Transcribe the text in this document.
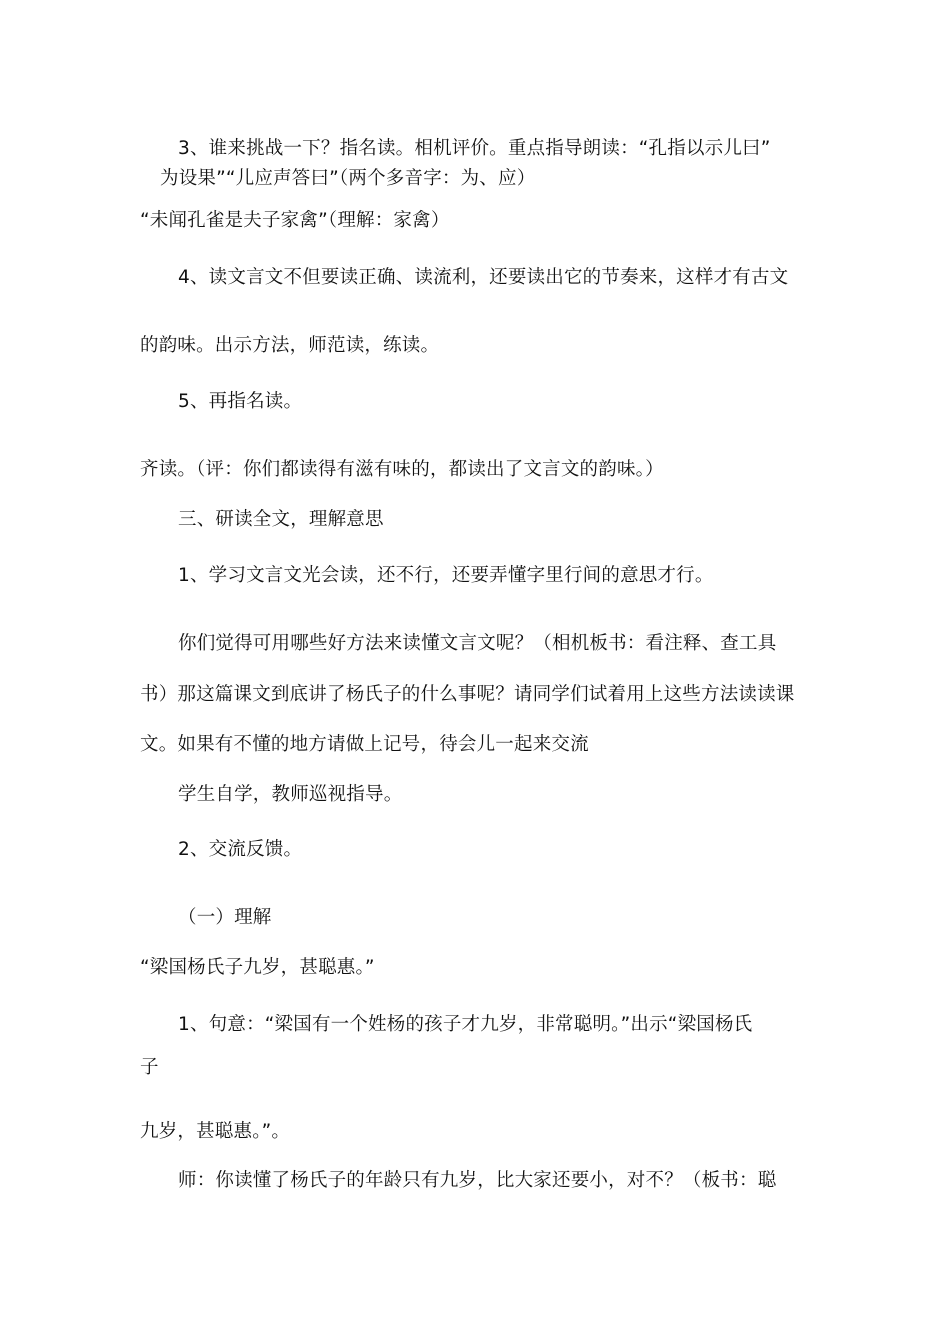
3、谁来挑战一下？指名读。相机评价。重点指导朗读：“孔指以示儿曰”
为设果”“儿应声答曰”（两个多音字：为、应）
“未闻孔雀是夫子家禽”（理解：家禽）
4、读文言文不但要读正确、读流利，还要读出它的节奏来，这样才有古文
的韵味。出示方法，师范读，练读。
5、再指名读。
齐读。（评：你们都读得有滋有味的，都读出了文言文的韵味。）
三、研读全文，理解意思
1、学习文言文光会读，还不行，还要弄懂字里行间的意思才行。
你们觉得可用哪些好方法来读懂文言文呢？（相机板书：看注释、查工具
书）那这篇课文到底讲了杨氏子的什么事呢？请同学们试着用上这些方法读读课
文。如果有不懂的地方请做上记号，待会儿一起来交流
学生自学，教师巡视指导。
2、交流反馈。
（一）理解
“梁国杨氏子九岁，甚聪惠。”
1、句意：“梁国有一个姓杨的孩子才九岁，非常聪明。”出示“梁国杨氏
子
九岁，甚聪惠。”。
师：你读懂了杨氏子的年龄只有九岁，比大家还要小，对不？（板书：聪
